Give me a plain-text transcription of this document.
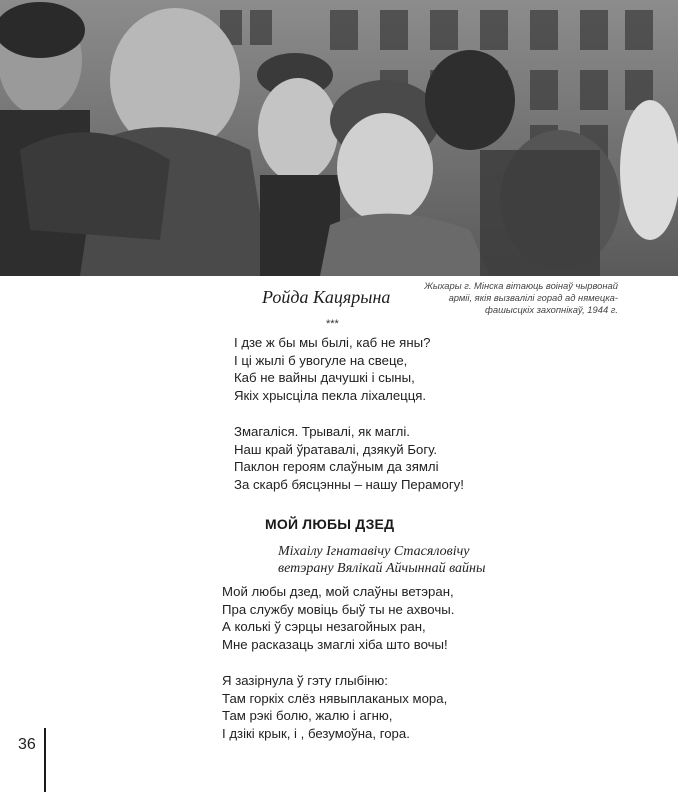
Ройда Кацярына
Жыхары г. Мінска вітаюць воінаў чырвонай
арміі, якія вызвалілі горад ад нямецка-
фашысцкіх захопнікаў, 1944 г.
***
І дзе ж бы мы былі, каб не яны?
І ці жылі б увогуле на свеце,
Каб не вайны дачушкі і сыны,
Якіх хрысціла пекла ліхалецця.
Змагаліся. Трывалі, як маглі.
Наш край ўратавалі, дзякуй Богу.
Паклон героям слаўным да зямлі
За скарб бясцэнны – нашу Перамогу!
МОЙ ЛЮБЫ ДЗЕД
Міхаілу Ігнатавічу Стасяловічу
ветэрану Вялікай Айчыннай вайны
Мой любы дзед, мой слаўны ветэран,
Пра службу мовіць быў ты не ахвочы.
А колькі ў сэрцы незагойных ран,
Мне расказаць змаглі хіба што вочы!
Я зазірнула ў гэту глыбіню:
Там горкіх слёз нявыплаканых мора,
Там рэкі болю, жалю і агню,
І дзікі крык, і , безумоўна, гора.
36
